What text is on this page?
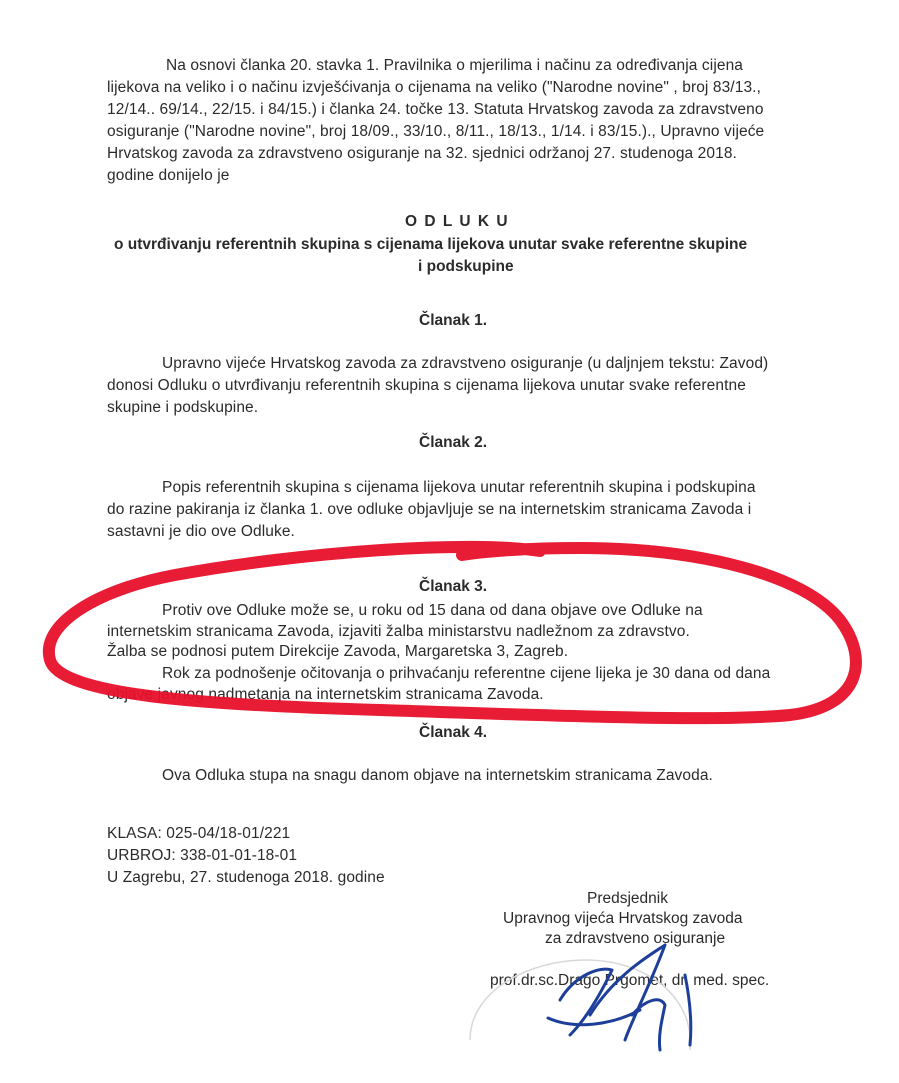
Na osnovi članka 20. stavka 1. Pravilnika o mjerilima i načinu za određivanja cijena
lijekova na veliko i o načinu izvješćivanja o cijenama na veliko ("Narodne novine" , broj 83/13.,
12/14.. 69/14., 22/15. i 84/15.) i članka 24. točke 13. Statuta Hrvatskog zavoda za zdravstveno
osiguranje ("Narodne novine", broj 18/09., 33/10., 8/11., 18/13., 1/14. i 83/15.)., Upravno vijeće
Hrvatskog zavoda za zdravstveno osiguranje na 32. sjednici održanoj 27. studenoga 2018.
godine donijelo je
O D L U K U
o utvrđivanju referentnih skupina s cijenama lijekova unutar svake referentne skupine
i podskupine
Članak 1.
Upravno vijeće Hrvatskog zavoda za zdravstveno osiguranje (u daljnjem tekstu: Zavod)
donosi Odluku o utvrđivanju referentnih skupina s cijenama lijekova unutar svake referentne
skupine i podskupine.
Članak 2.
Popis referentnih skupina s cijenama lijekova unutar referentnih skupina i podskupina
do razine pakiranja iz članka 1. ove odluke objavljuje se na internetskim stranicama Zavoda i
sastavni je dio ove Odluke.
Članak 3.
Protiv ove Odluke može se, u roku od 15 dana od dana objave ove Odluke na
internetskim stranicama Zavoda, izjaviti žalba ministarstvu nadležnom za zdravstvo.
Žalba se podnosi putem Direkcije Zavoda, Margaretska 3, Zagreb.
Rok za podnošenje očitovanja o prihvaćanju referentne cijene lijeka je 30 dana od dana
objave javnog nadmetanja na internetskim stranicama Zavoda.
Članak 4.
Ova Odluka stupa na snagu danom objave na internetskim stranicama Zavoda.
KLASA: 025-04/18-01/221
URBROJ: 338-01-01-18-01
U Zagrebu, 27. studenoga 2018. godine
Predsjednik
Upravnog vijeća Hrvatskog zavoda
za zdravstveno osiguranje
prof.dr.sc.Drago Prgomet, dr. med. spec.
